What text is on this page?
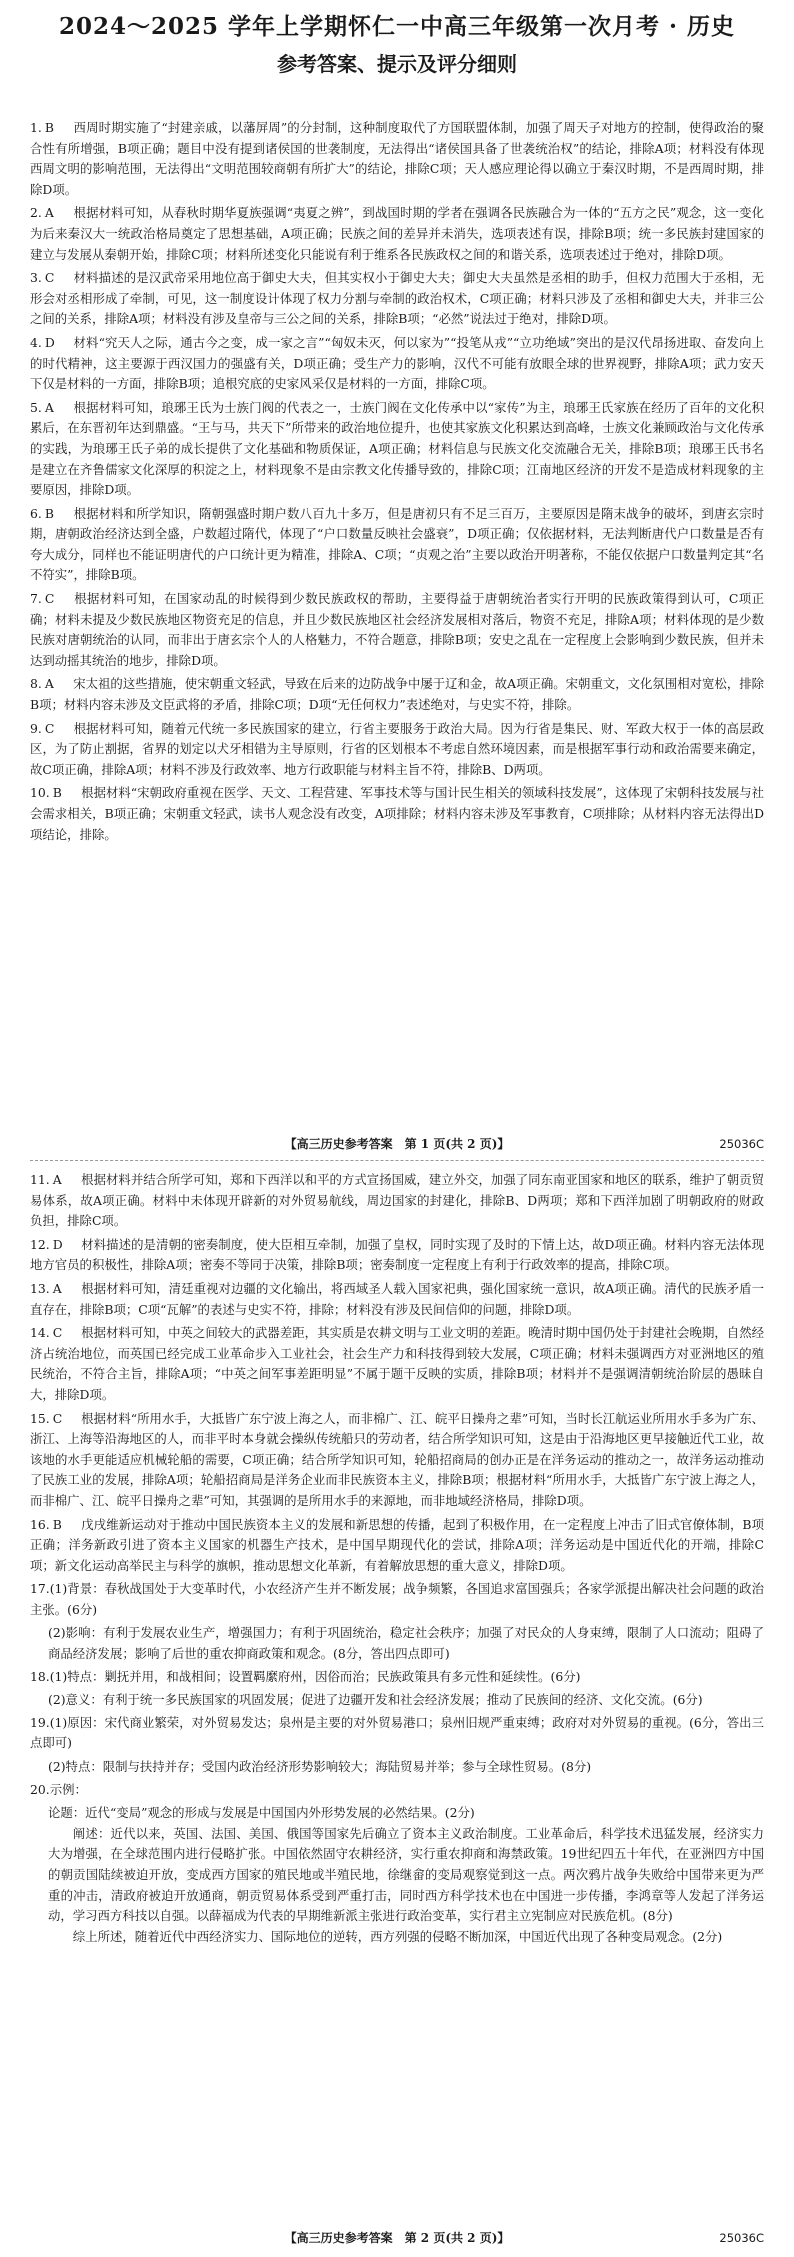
2024～2025 学年上学期怀仁一中高三年级第一次月考 · 历史
参考答案、提示及评分细则

1. B　 西周时期实施了“封建亲戚，以藩屏周”的分封制，这种制度取代了方国联盟体制，加强了周天子对地方的控制，使得政治的聚合性有所增强，B项正确；题目中没有提到诸侯国的世袭制度，无法得出“诸侯国具备了世袭统治权”的结论，排除A项；材料没有体现西周文明的影响范围，无法得出“文明范围较商朝有所扩大”的结论，排除C项；天人感应理论得以确立于秦汉时期，不是西周时期，排除D项。

2. A　 根据材料可知，从春秋时期华夏族强调“夷夏之辨”，到战国时期的学者在强调各民族融合为一体的“五方之民”观念，这一变化为后来秦汉大一统政治格局奠定了思想基础，A项正确；民族之间的差异并未消失，选项表述有误，排除B项；统一多民族封建国家的建立与发展从秦朝开始，排除C项；材料所述变化只能说有利于维系各民族政权之间的和谐关系，选项表述过于绝对，排除D项。

3. C　 材料描述的是汉武帝采用地位高于御史大夫，但其实权小于御史大夫；御史大夫虽然是丞相的助手，但权力范围大于丞相，无形会对丞相形成了牵制，可见，这一制度设计体现了权力分割与牵制的政治权术，C项正确；材料只涉及了丞相和御史大夫，并非三公之间的关系，排除A项；材料没有涉及皇帝与三公之间的关系，排除B项；“必然”说法过于绝对，排除D项。

4. D　 材料“究天人之际，通古今之变，成一家之言”“匈奴未灭，何以家为”“投笔从戎”“立功绝域”突出的是汉代昂扬进取、奋发向上的时代精神，这主要源于西汉国力的强盛有关，D项正确；受生产力的影响，汉代不可能有放眼全球的世界视野，排除A项；武力安天下仅是材料的一方面，排除B项；追根究底的史家风采仅是材料的一方面，排除C项。

5. A　 根据材料可知，琅琊王氏为士族门阀的代表之一，士族门阀在文化传承中以“家传”为主，琅琊王氏家族在经历了百年的文化积累后，在东晋初年达到鼎盛。“王与马，共天下”所带来的政治地位提升，也使其家族文化积累达到高峰，士族文化兼顾政治与文化传承的实践，为琅琊王氏子弟的成长提供了文化基础和物质保证，A项正确；材料信息与民族文化交流融合无关，排除B项；琅琊王氏书名是建立在齐鲁儒家文化深厚的积淀之上，材料现象不是由宗教文化传播导致的，排除C项；江南地区经济的开发不是造成材料现象的主要原因，排除D项。

6. B　 根据材料和所学知识，隋朝强盛时期户数八百九十多万，但是唐初只有不足三百万，主要原因是隋末战争的破坏，到唐玄宗时期，唐朝政治经济达到全盛，户数超过隋代，体现了“户口数量反映社会盛衰”，D项正确；仅依据材料，无法判断唐代户口数量是否有夸大成分，同样也不能证明唐代的户口统计更为精准，排除A、C项；“贞观之治”主要以政治开明著称，不能仅依据户口数量判定其“名不符实”，排除B项。

7. C　 根据材料可知，在国家动乱的时候得到少数民族政权的帮助，主要得益于唐朝统治者实行开明的民族政策得到认可，C项正确；材料未提及少数民族地区物资充足的信息，并且少数民族地区社会经济发展相对落后，物资不充足，排除A项；材料体现的是少数民族对唐朝统治的认同，而非出于唐玄宗个人的人格魅力，不符合题意，排除B项；安史之乱在一定程度上会影响到少数民族，但并未达到动摇其统治的地步，排除D项。

8. A　 宋太祖的这些措施，使宋朝重文轻武，导致在后来的边防战争中屡于辽和金，故A项正确。宋朝重文，文化氛围相对宽松，排除B项；材料内容未涉及文臣武将的矛盾，排除C项；D项“无任何权力”表述绝对，与史实不符，排除。

9. C　 根据材料可知，随着元代统一多民族国家的建立，行省主要服务于政治大局。因为行省是集民、财、军政大权于一体的高层政区，为了防止割据，省界的划定以犬牙相错为主导原则，行省的区划根本不考虑自然环境因素，而是根据军事行动和政治需要来确定，故C项正确，排除A项；材料不涉及行政效率、地方行政职能与材料主旨不符，排除B、D两项。

10. B　 根据材料“宋朝政府重视在医学、天文、工程营建、军事技术等与国计民生相关的领域科技发展”，这体现了宋朝科技发展与社会需求相关，B项正确；宋朝重文轻武，读书人观念没有改变，A项排除；材料内容未涉及军事教育，C项排除；从材料内容无法得出D项结论，排除。

【高三历史参考答案　第 1 页(共 2 页)】	25036C

11. A　 根据材料并结合所学可知，郑和下西洋以和平的方式宣扬国威，建立外交，加强了同东南亚国家和地区的联系，维护了朝贡贸易体系，故A项正确。材料中未体现开辟新的对外贸易航线，周边国家的封建化，排除B、D两项；郑和下西洋加剧了明朝政府的财政负担，排除C项。

12. D　 材料描述的是清朝的密奏制度，使大臣相互牵制，加强了皇权，同时实现了及时的下情上达，故D项正确。材料内容无法体现地方官员的积极性，排除A项；密奏不等同于决策，排除B项；密奏制度一定程度上有利于行政效率的提高，排除C项。

13. A　 根据材料可知，清廷重视对边疆的文化输出，将西域圣人载入国家祀典，强化国家统一意识，故A项正确。清代的民族矛盾一直存在，排除B项；C项“瓦解”的表述与史实不符，排除；材料没有涉及民间信仰的问题，排除D项。

14. C　 根据材料可知，中英之间较大的武器差距，其实质是农耕文明与工业文明的差距。晚清时期中国仍处于封建社会晚期，自然经济占统治地位，而英国已经完成工业革命步入工业社会，社会生产力和科技得到较大发展，C项正确；材料未强调西方对亚洲地区的殖民统治，不符合主旨，排除A项；“中英之间军事差距明显”不属于题干反映的实质，排除B项；材料并不是强调清朝统治阶层的愚昧自大，排除D项。

15. C　 根据材料“所用水手，大抵皆广东宁波上海之人，而非棉广、江、皖平日操舟之辈”可知，当时长江航运业所用水手多为广东、浙江、上海等沿海地区的人，而非平时本身就会操纵传统船只的劳动者，结合所学知识可知，这是由于沿海地区更早接触近代工业，故该地的水手更能适应机械轮船的需要，C项正确；结合所学知识可知，轮船招商局的创办正是在洋务运动的推动之一，故洋务运动推动了民族工业的发展，排除A项；轮船招商局是洋务企业而非民族资本主义，排除B项；根据材料“所用水手，大抵皆广东宁波上海之人，而非棉广、江、皖平日操舟之辈”可知，其强调的是所用水手的来源地，而非地域经济格局，排除D项。

16. B　 戊戌维新运动对于推动中国民族资本主义的发展和新思想的传播，起到了积极作用，在一定程度上冲击了旧式官僚体制，B项正确；洋务新政引进了资本主义国家的机器生产技术，是中国早期现代化的尝试，排除A项；洋务运动是中国近代化的开端，排除C项；新文化运动高举民主与科学的旗帜，推动思想文化革新，有着解放思想的重大意义，排除D项。

17.(1)背景：春秋战国处于大变革时代，小农经济产生并不断发展；战争频繁，各国追求富国强兵；各家学派提出解决社会问题的政治主张。(6分)

(2)影响：有利于发展农业生产，增强国力；有利于巩固统治，稳定社会秩序；加强了对民众的人身束缚，限制了人口流动；阻碍了商品经济发展；影响了后世的重农抑商政策和观念。(8分，答出四点即可)

18.(1)特点：剿抚并用，和战相间；设置羁縻府州，因俗而治；民族政策具有多元性和延续性。(6分)

(2)意义：有利于统一多民族国家的巩固发展；促进了边疆开发和社会经济发展；推动了民族间的经济、文化交流。(6分)

19.(1)原因：宋代商业繁荣，对外贸易发达；泉州是主要的对外贸易港口；泉州旧规严重束缚；政府对对外贸易的重视。(6分，答出三点即可)

(2)特点：限制与扶持并存；受国内政治经济形势影响较大；海陆贸易并举；参与全球性贸易。(8分)

20.示例：

论题：近代“变局”观念的形成与发展是中国国内外形势发展的必然结果。(2分)

阐述：近代以来，英国、法国、美国、俄国等国家先后确立了资本主义政治制度。工业革命后，科学技术迅猛发展，经济实力大为增强，在全球范围内进行侵略扩张。中国依然固守农耕经济，实行重农抑商和海禁政策。19世纪四五十年代，在亚洲四方中国的朝贡国陆续被迫开放，变成西方国家的殖民地或半殖民地，徐继畲的变局观察觉到这一点。两次鸦片战争失败给中国带来更为严重的冲击，清政府被迫开放通商，朝贡贸易体系受到严重打击，同时西方科学技术也在中国进一步传播，李鸿章等人发起了洋务运动，学习西方科技以自强。以薛福成为代表的早期维新派主张进行政治变革，实行君主立宪制应对民族危机。(8分)

综上所述，随着近代中西经济实力、国际地位的逆转，西方列强的侵略不断加深，中国近代出现了各种变局观念。(2分)

【高三历史参考答案　第 2 页(共 2 页)】	25036C
